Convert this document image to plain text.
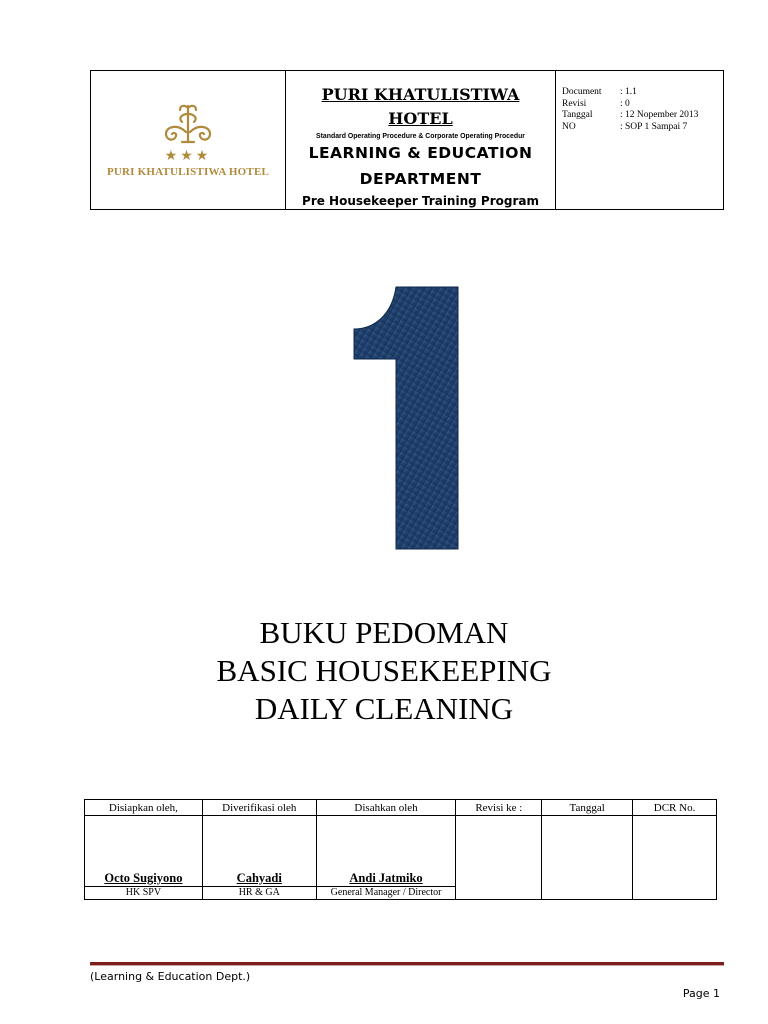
★★★
PURI KHATULISTIWA HOTEL
PURI KHATULISTIWA
HOTEL
Standard Operating Procedure & Corporate Operating Procedur
LEARNING & EDUCATION
DEPARTMENT
Pre Housekeeper Training Program
Document	: 1.1
Revisi	: 0
Tanggal	: 12 Nopember 2013
NO	: SOP 1 Sampai 7
1
BUKU PEDOMAN
BASIC HOUSEKEEPING
DAILY CLEANING
Disiapkan oleh,	Diverifikasi oleh	Disahkan oleh	Revisi ke :	Tanggal	DCR No.
Octo Sugiyono	Cahyadi	Andi Jatmiko			
HK SPV	HR & GA	General Manager / Director			
(Learning & Education Dept.)
Page 1
